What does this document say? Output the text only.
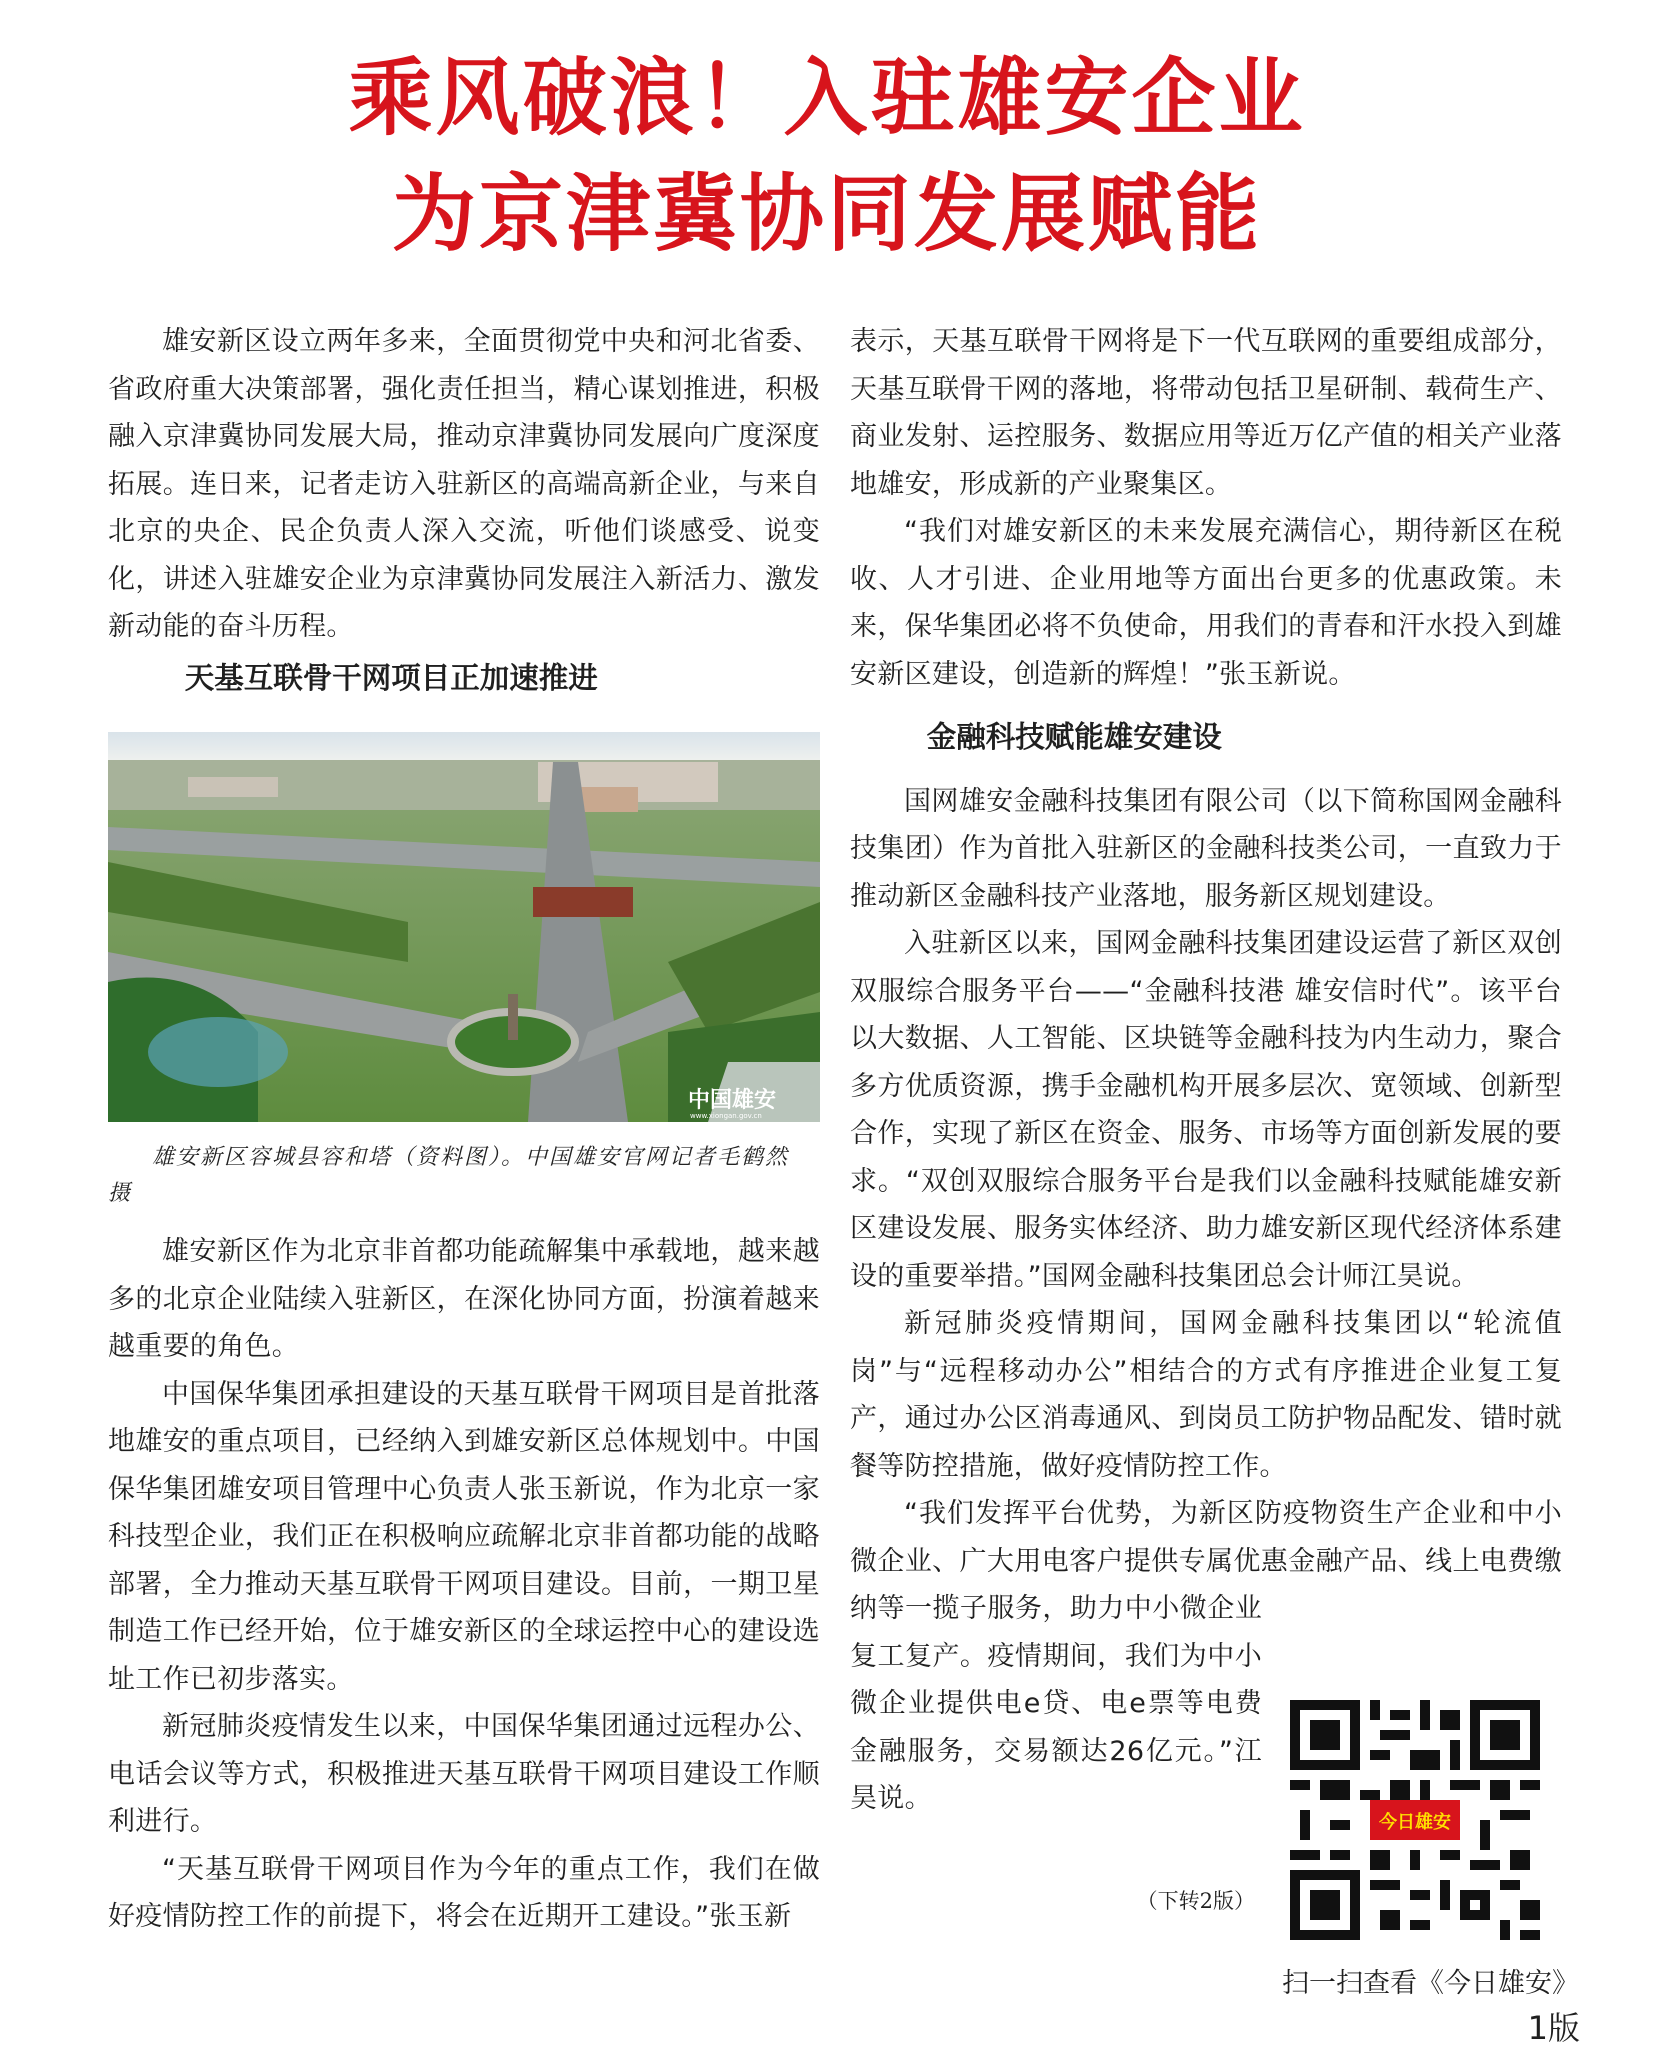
乘风破浪！入驻雄安企业
为京津冀协同发展赋能

雄安新区设立两年多来，全面贯彻党中央和河北省委、省政府重大决策部署，强化责任担当，精心谋划推进，积极融入京津冀协同发展大局，推动京津冀协同发展向广度深度拓展。连日来，记者走访入驻新区的高端高新企业，与来自北京的央企、民企负责人深入交流，听他们谈感受、说变化，讲述入驻雄安企业为京津冀协同发展注入新活力、激发新动能的奋斗历程。

天基互联骨干网项目正加速推进

中国雄安
www.xiongan.gov.cn

雄安新区容城县容和塔（资料图）。中国雄安官网记者毛鹤然 摄

雄安新区作为北京非首都功能疏解集中承载地，越来越多的北京企业陆续入驻新区，在深化协同方面，扮演着越来越重要的角色。

中国保华集团承担建设的天基互联骨干网项目是首批落地雄安的重点项目，已经纳入到雄安新区总体规划中。中国保华集团雄安项目管理中心负责人张玉新说，作为北京一家科技型企业，我们正在积极响应疏解北京非首都功能的战略部署，全力推动天基互联骨干网项目建设。目前，一期卫星制造工作已经开始，位于雄安新区的全球运控中心的建设选址工作已初步落实。

新冠肺炎疫情发生以来，中国保华集团通过远程办公、电话会议等方式，积极推进天基互联骨干网项目建设工作顺利进行。

“天基互联骨干网项目作为今年的重点工作，我们在做好疫情防控工作的前提下，将会在近期开工建设。”张玉新

表示，天基互联骨干网将是下一代互联网的重要组成部分，天基互联骨干网的落地，将带动包括卫星研制、载荷生产、商业发射、运控服务、数据应用等近万亿产值的相关产业落地雄安，形成新的产业聚集区。

“我们对雄安新区的未来发展充满信心，期待新区在税收、人才引进、企业用地等方面出台更多的优惠政策。未来，保华集团必将不负使命，用我们的青春和汗水投入到雄安新区建设，创造新的辉煌！”张玉新说。

金融科技赋能雄安建设

国网雄安金融科技集团有限公司（以下简称国网金融科技集团）作为首批入驻新区的金融科技类公司，一直致力于推动新区金融科技产业落地，服务新区规划建设。

入驻新区以来，国网金融科技集团建设运营了新区双创双服综合服务平台——“金融科技港 雄安信时代”。该平台以大数据、人工智能、区块链等金融科技为内生动力，聚合多方优质资源，携手金融机构开展多层次、宽领域、创新型合作，实现了新区在资金、服务、市场等方面创新发展的要求。“双创双服综合服务平台是我们以金融科技赋能雄安新区建设发展、服务实体经济、助力雄安新区现代经济体系建设的重要举措。”国网金融科技集团总会计师江昊说。

新冠肺炎疫情期间，国网金融科技集团以“轮流值岗”与“远程移动办公”相结合的方式有序推进企业复工复产，通过办公区消毒通风、到岗员工防护物品配发、错时就餐等防控措施，做好疫情防控工作。

“我们发挥平台优势，为新区防疫物资生产企业和中小微企业、广大用电客户提供专属优惠金融产品、线上电费缴纳等一揽子服务，助力中小微企业复工复产。疫情期间，我们为中小微企业提供电e贷、电e票等电费金融服务，交易额达26亿元。”江昊说。

今日雄安
（下转2版）
扫一扫查看《今日雄安》
1版
